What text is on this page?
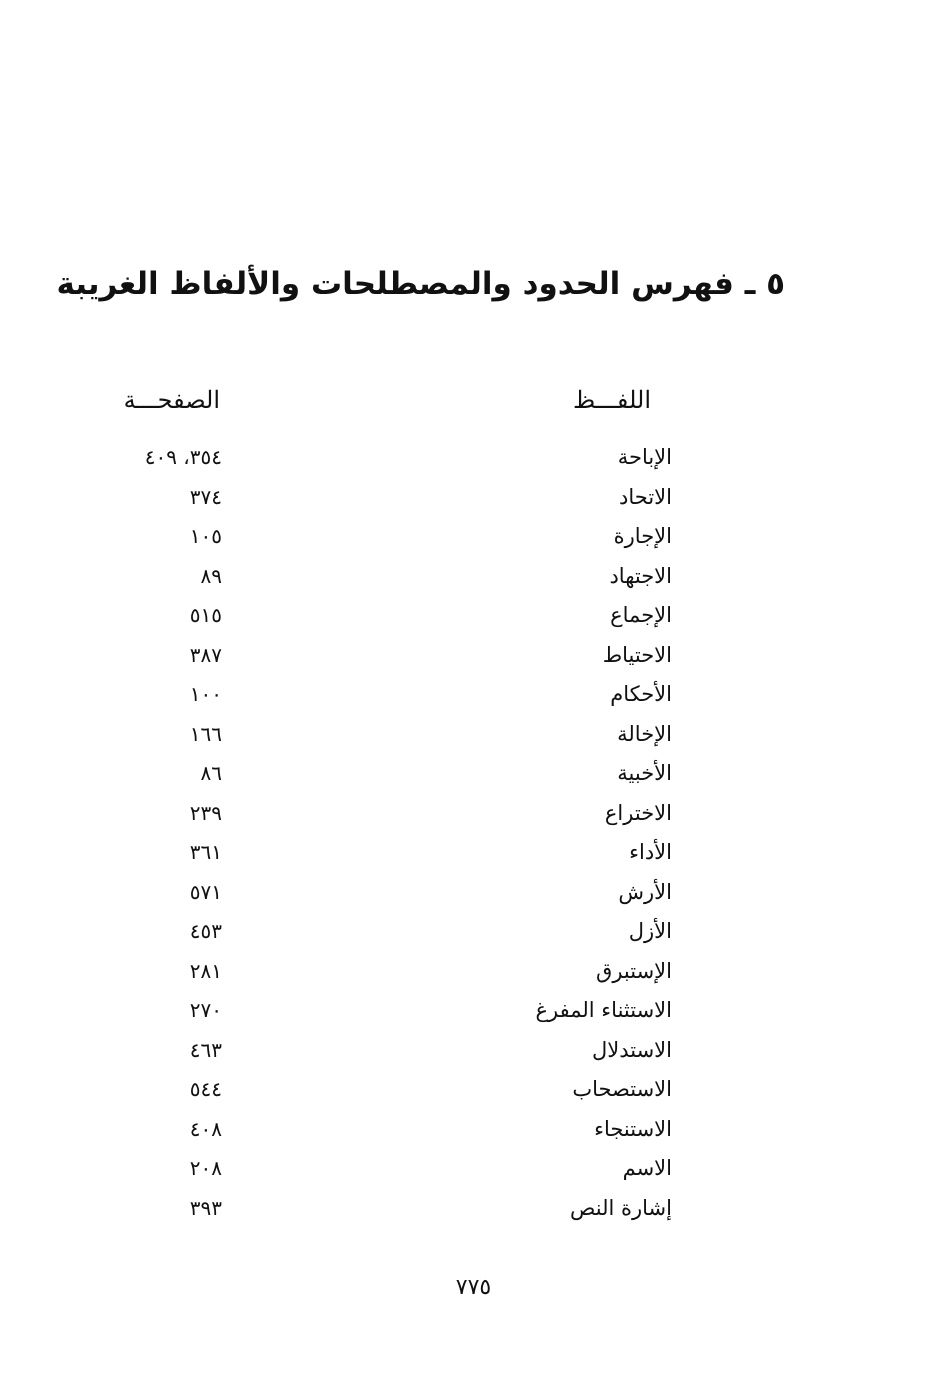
٥ ـ فهرس الحدود والمصطلحات والألفاظ الغريبة
اللفـــظ
الصفحـــة
الإباحة
٣٥٤، ٤٠٩
الاتحاد
٣٧٤
الإجارة
١٠٥
الاجتهاد
٨٩
الإجماع
٥١٥
الاحتياط
٣٨٧
الأحكام
١٠٠
الإخالة
١٦٦
الأخبية
٨٦
الاختراع
٢٣٩
الأداء
٣٦١
الأرش
٥٧١
الأزل
٤٥٣
الإستبرق
٢٨١
الاستثناء المفرغ
٢٧٠
الاستدلال
٤٦٣
الاستصحاب
٥٤٤
الاستنجاء
٤٠٨
الاسم
٢٠٨
إشارة النص
٣٩٣
٧٧٥
